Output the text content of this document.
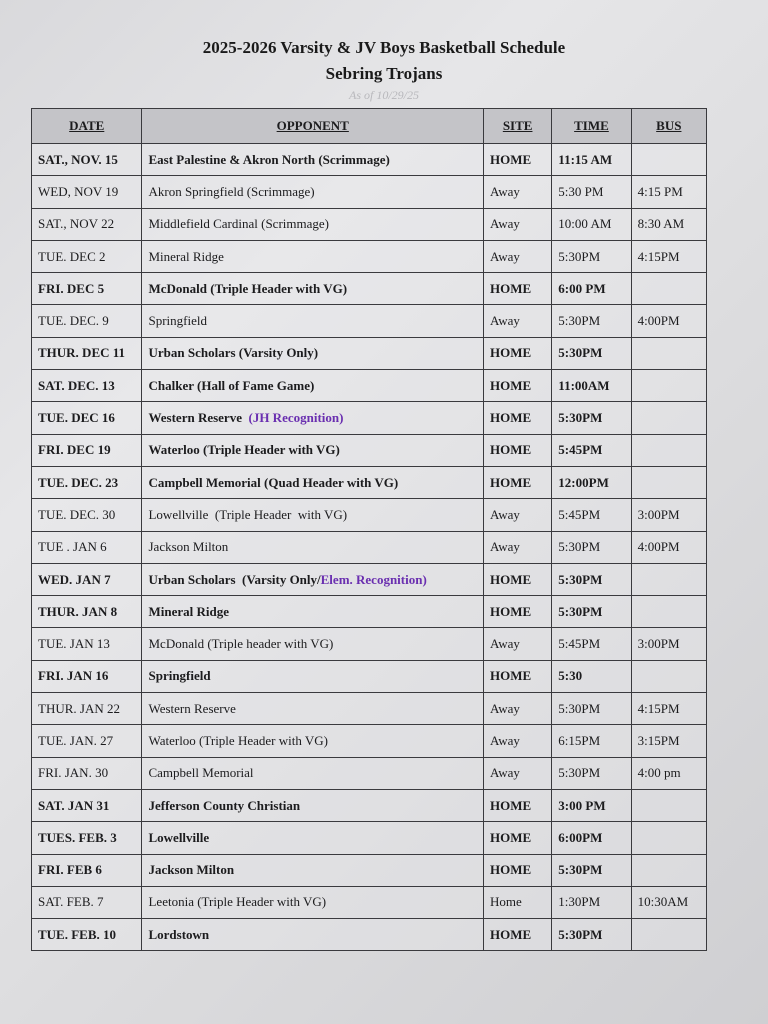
2025-2026 Varsity & JV Boys Basketball Schedule
Sebring Trojans
As of 10/29/25
DATE	OPPONENT	SITE	TIME	BUS
SAT., NOV. 15	East Palestine & Akron North (Scrimmage)	HOME	11:15 AM	
WED, NOV 19	Akron Springfield (Scrimmage)	Away	5:30 PM	4:15 PM
SAT., NOV 22	Middlefield Cardinal (Scrimmage)	Away	10:00 AM	8:30 AM
TUE. DEC 2	Mineral Ridge	Away	5:30PM	4:15PM
FRI. DEC 5	McDonald (Triple Header with VG)	HOME	6:00 PM	
TUE. DEC. 9	Springfield	Away	5:30PM	4:00PM
THUR. DEC 11	Urban Scholars (Varsity Only)	HOME	5:30PM	
SAT. DEC. 13	Chalker (Hall of Fame Game)	HOME	11:00AM	
TUE. DEC 16	Western Reserve  (JH Recognition)	HOME	5:30PM	
FRI. DEC 19	Waterloo (Triple Header with VG)	HOME	5:45PM	
TUE. DEC. 23	Campbell Memorial (Quad Header with VG)	HOME	12:00PM	
TUE. DEC. 30	Lowellville  (Triple Header  with VG)	Away	5:45PM	3:00PM
TUE . JAN 6	Jackson Milton	Away	5:30PM	4:00PM
WED. JAN 7	Urban Scholars  (Varsity Only/Elem. Recognition)	HOME	5:30PM	
THUR. JAN 8	Mineral Ridge	HOME	5:30PM	
TUE. JAN 13	McDonald (Triple header with VG)	Away	5:45PM	3:00PM
FRI. JAN 16	Springfield	HOME	5:30	
THUR. JAN 22	Western Reserve	Away	5:30PM	4:15PM
TUE. JAN. 27	Waterloo (Triple Header with VG)	Away	6:15PM	3:15PM
FRI. JAN. 30	Campbell Memorial	Away	5:30PM	4:00 pm
SAT. JAN 31	Jefferson County Christian	HOME	3:00 PM	
TUES. FEB. 3	Lowellville	HOME	6:00PM	
FRI. FEB 6	Jackson Milton	HOME	5:30PM	
SAT. FEB. 7	Leetonia (Triple Header with VG)	Home	1:30PM	10:30AM
TUE. FEB. 10	Lordstown	HOME	5:30PM	
